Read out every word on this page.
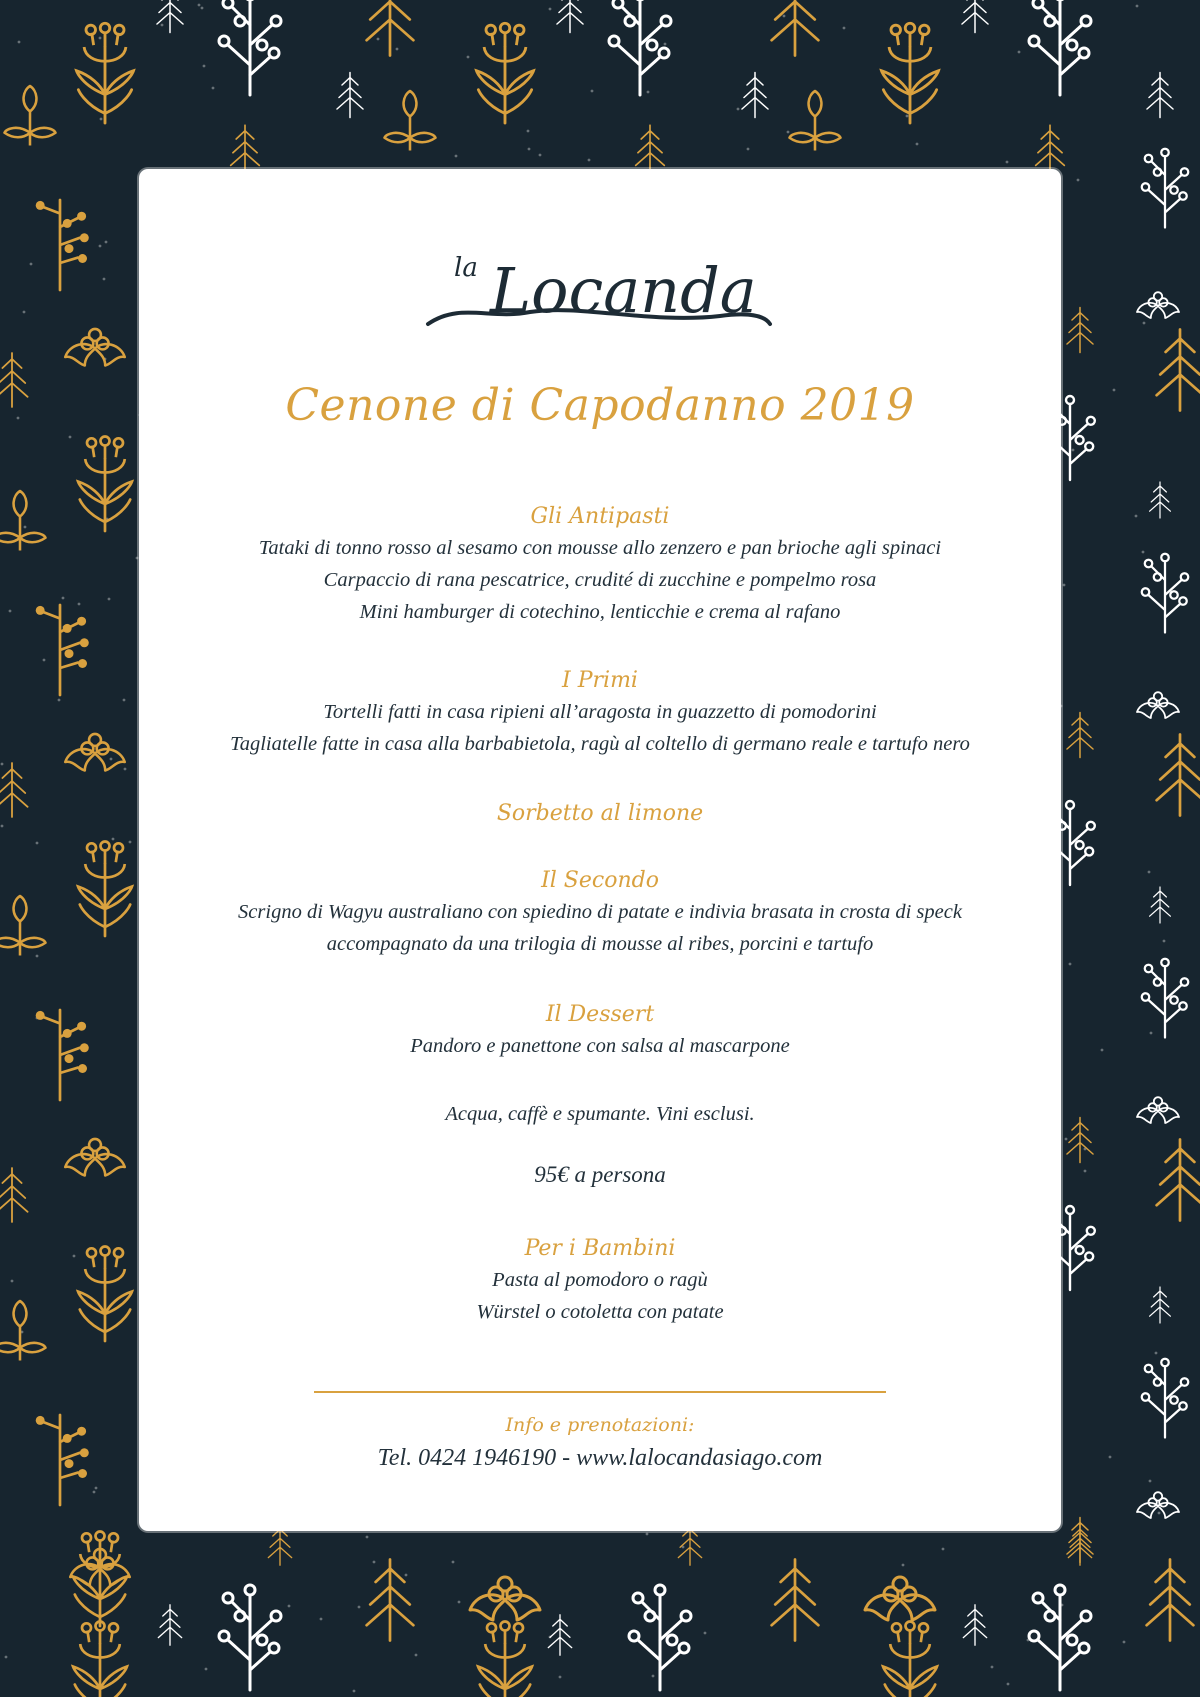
la Locanda
Cenone di Capodanno 2019
Gli Antipasti
Tataki di tonno rosso al sesamo con mousse allo zenzero e pan brioche agli spinaci
Carpaccio di rana pescatrice, crudité di zucchine e pompelmo rosa
Mini hamburger di cotechino, lenticchie e crema al rafano
I Primi
Tortelli fatti in casa ripieni all’aragosta in guazzetto di pomodorini
Tagliatelle fatte in casa alla barbabietola, ragù al coltello di germano reale e tartufo nero
Sorbetto al limone
Il Secondo
Scrigno di Wagyu australiano con spiedino di patate e indivia brasata in crosta di speck
accompagnato da una trilogia di mousse al ribes, porcini e tartufo
Il Dessert
Pandoro e panettone con salsa al mascarpone
Acqua, caffè e spumante. Vini esclusi.
95€ a persona
Per i Bambini
Pasta al pomodoro o ragù
Würstel o cotoletta con patate
Info e prenotazioni:
Tel. 0424 1946190 - www.lalocandasiago.com
